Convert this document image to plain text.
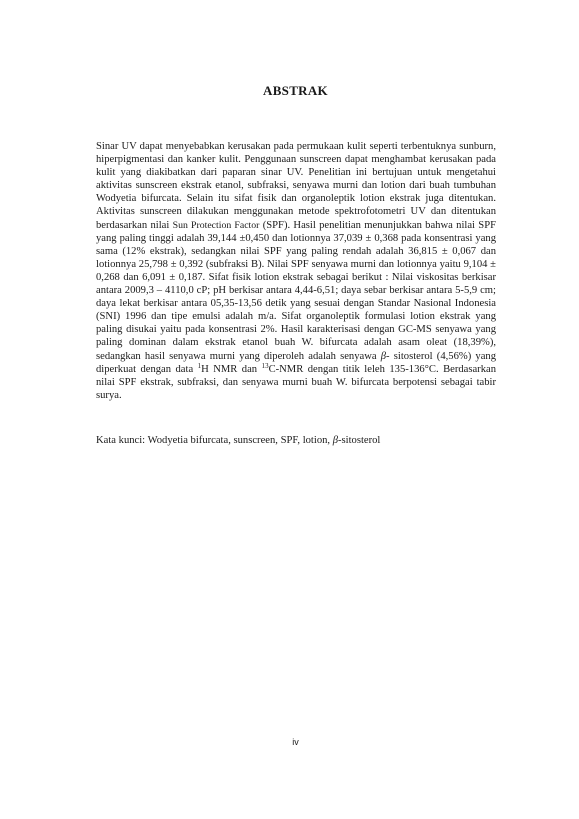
ABSTRAK

Sinar UV dapat menyebabkan kerusakan pada permukaan kulit seperti terbentuknya sunburn, hiperpigmentasi dan kanker kulit. Penggunaan sunscreen dapat menghambat kerusakan pada kulit yang diakibatkan dari paparan sinar UV. Penelitian ini bertujuan untuk mengetahui aktivitas sunscreen ekstrak etanol, subfraksi, senyawa murni dan lotion dari buah tumbuhan Wodyetia bifurcata. Selain itu sifat fisik dan organoleptik lotion ekstrak juga ditentukan. Aktivitas sunscreen dilakukan menggunakan metode spektrofotometri UV dan ditentukan berdasarkan nilai Sun Protection Factor (SPF). Hasil penelitian menunjukkan bahwa nilai SPF yang paling tinggi adalah 39,144 ±0,450 dan lotionnya 37,039 ± 0,368 pada konsentrasi yang sama (12% ekstrak), sedangkan nilai SPF yang paling rendah adalah 36,815 ± 0,067 dan lotionnya 25,798 ± 0,392 (subfraksi B). Nilai SPF senyawa murni dan lotionnya yaitu 9,104 ± 0,268 dan 6,091 ± 0,187. Sifat fisik lotion ekstrak sebagai berikut : Nilai viskositas berkisar antara 2009,3 – 4110,0 cP; pH berkisar antara 4,44-6,51; daya sebar berkisar antara 5-5,9 cm; daya lekat berkisar antara 05,35-13,56 detik yang sesuai dengan Standar Nasional Indonesia (SNI) 1996 dan tipe emulsi adalah m/a. Sifat organoleptik formulasi lotion ekstrak yang paling disukai yaitu pada konsentrasi 2%. Hasil karakterisasi dengan GC-MS senyawa yang paling dominan dalam ekstrak etanol buah W. bifurcata adalah asam oleat (18,39%), sedangkan hasil senyawa murni yang diperoleh adalah senyawa β- sitosterol (4,56%) yang diperkuat dengan data $^1$H NMR dan $^{13}$C-NMR dengan titik leleh 135-136°C. Berdasarkan nilai SPF ekstrak, subfraksi, dan senyawa murni buah W. bifurcata berpotensi sebagai tabir surya.

Kata kunci: Wodyetia bifurcata, sunscreen, SPF, lotion, β-sitosterol

iv
